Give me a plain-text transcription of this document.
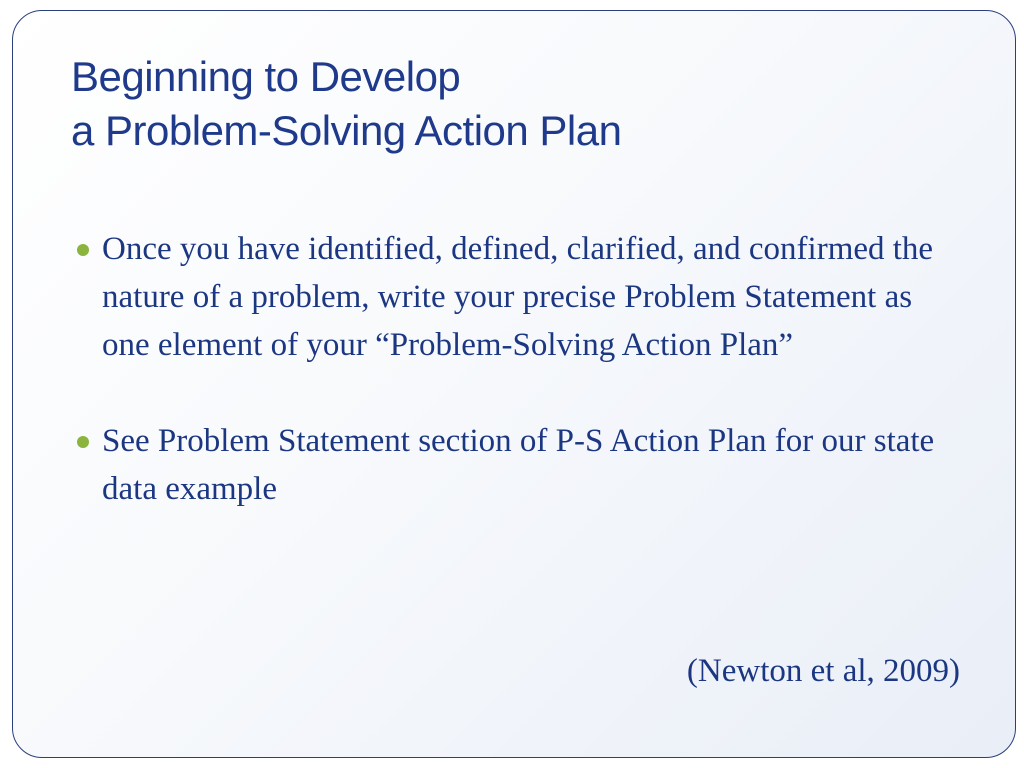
Beginning to Develop
a Problem-Solving Action Plan
Once you have identified, defined, clarified, and confirmed the nature of a problem, write your precise Problem Statement as one element of your “Problem-Solving Action Plan”
See Problem Statement section of P-S Action Plan for our state data example

(Newton et al, 2009)
